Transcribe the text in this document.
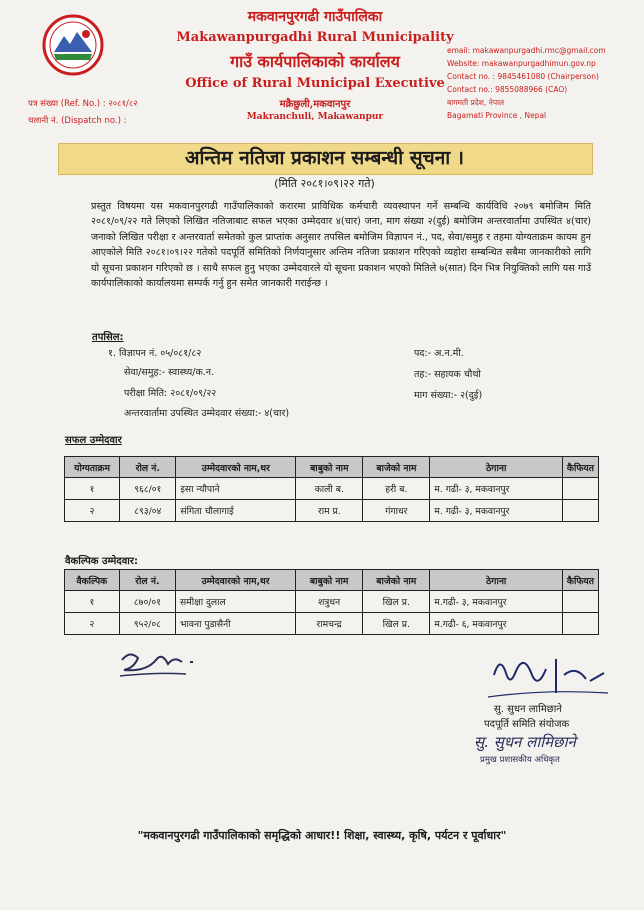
मकवानपुरगढी गाउँपालिका
Makawanpurgadhi Rural Municipality
गाउँ कार्यपालिकाको कार्यालय
Office of Rural Municipal Executive
मक्रैछुली,मकवानपुर
Makranchuli, Makawanpur
पत्र संख्या (Ref. No.) : २०८१/८२
चलानी नं. (Dispatch no.) :
email: makawanpurgadhi.rmc@gmail.com
Website: makawanpurgadhimun.gov.np
Contact no. : 9845461080 (Chairperson)
Contact no.: 9855088966 (CAO)
बागमती प्रदेश, नेपाल
Bagamati Province , Nepal
अन्तिम नतिजा प्रकाशन सम्बन्धी सूचना ।
(मिति २०८१।०९।२२ गते)
प्रस्तुत विषयमा यस मकवानपुरगढी गाउँपालिकाको करारमा प्राविधिक कर्मचारी व्यवस्थापन गर्ने सम्बन्धि कार्यविधि २०७९ बमोजिम मिति २०८१/०९/२२ गते लिएको लिखित नतिजाबाट सफल भएका उम्मेदवार ४(चार) जना, माग संख्या २(दुई) बमोजिम अन्तरवार्तामा उपस्थित ४(चार) जनाको लिखित परीक्षा र अन्तरवार्ता समेतको कुल प्राप्तांक अनुसार तपसिल बमोजिम विज्ञापन नं., पद, सेवा/समुह र तहमा योग्यताक्रम कायम हुन आएकोले मिति २०८१।०९।२२ गतेको पदपूर्ति समितिको निर्णयानुसार अन्तिम नतिजा प्रकाशन गरिएको व्यहोरा सम्बन्धित सबैमा जानकारीको लागि यो सूचना प्रकाशन गरिएको छ । साथै सफल हुनु भएका उम्मेदवारले यो सूचना प्रकाशन भएको मितिले ७(सात) दिन भित्र नियुक्तिको लागि यस गाउँ कार्यपालिकाको कार्यालयमा सम्पर्क गर्नु हुन समेत जानकारी गराईन्छ ।
तपसिल:
१. विज्ञापन नं. ०५/०८१/८२	पद:- अ.न.मी.
सेवा/समुह:- स्वास्थ्य/क.न.	तह:- सहायक चौथो
परीक्षा मिति: २०८१/०९/२२	माग संख्या:- २(दुई)
अन्तरवार्तामा उपस्थित उम्मेदवार संख्या:- ४(चार)
सफल उम्मेदवार
योग्यताक्रम	रोल नं.	उम्मेदवारको नाम,थर	बाबुको नाम	बाजेको नाम	ठेगाना	कैफियत
१	९६८/०१	इसा न्यौपाने	काली ब.	हरी ब.	म. गढी- ३, मकवानपुर	
२	८९३/०४	संगिता चौलागाई	राम प्र.	गंगाधर	म. गढी- ३, मकवानपुर	
वैकल्पिक उम्मेदवार:
वैकल्पिक	रोल नं.	उम्मेदवारको नाम,थर	बाबुको नाम	बाजेको नाम	ठेगाना	कैफियत
१	८७०/०१	समीक्षा दुलाल	शत्रुधन	खिल प्र.	म.गढी- ३, मकवानपुर	
२	९५२/०८	भावना पुडासैनी	रामचन्द्र	खिल प्र.	म.गढी- ६, मकवानपुर	
सु. सुधन लामिछाने
पदपूर्ति समिति संयोजक
सु. सुधन लामिछाने
प्रमुख प्रशासकीय अधिकृत
"मकवानपुरगढी गाउँपालिकाको समृद्धिको आधार!! शिक्षा, स्वास्थ्य, कृषि, पर्यटन र पूर्वाधार"
